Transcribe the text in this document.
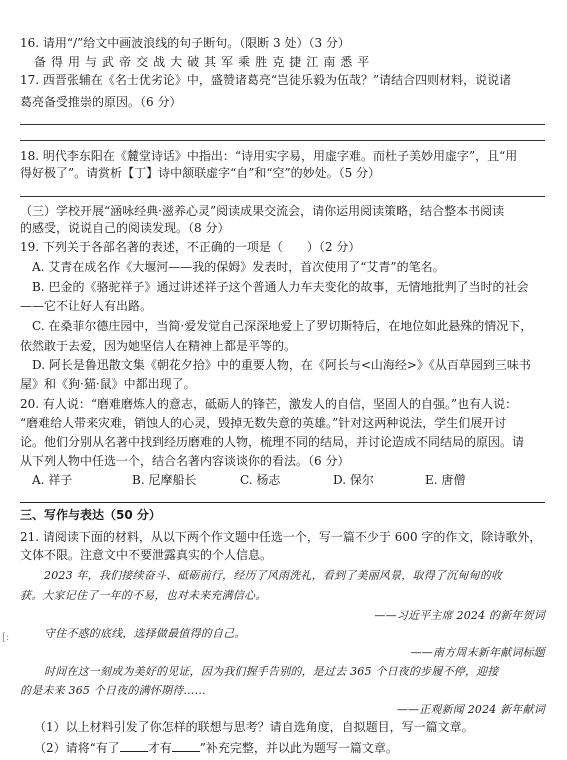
16. 请用“/”给文中画波浪线的句子断句。（限断 3 处）（3 分）
备 得 用 与 武 帝 交 战 大 破 其 军 乘 胜 克 捷 江 南 悉 平
17. 西晋张辅在《名士优劣论》中，盛赞诸葛亮“岂徒乐毅为伍哉？”请结合四则材料，说说诸
葛亮备受推崇的原因。（6 分）
18. 明代李东阳在《麓堂诗话》中指出：“诗用实字易，用虚字难。而杜子美妙用虚字”，且“用
得好极了”。请赏析【丁】诗中颔联虚字“自”和“空”的妙处。（5 分）
（三）学校开展“涵咏经典·滋养心灵”阅读成果交流会，请你运用阅读策略，结合整本书阅读
的感受，说说自己的阅读发现。（8 分）
19. 下列关于各部名著的表述，不正确的一项是（　　）（2 分）
A. 艾青在成名作《大堰河——我的保姆》发表时，首次使用了“艾青”的笔名。
B. 巴金的《骆驼祥子》通过讲述祥子这个普通人力车夫变化的故事，无情地批判了当时的社会
——它不让好人有出路。
C. 在桑菲尔德庄园中，当简·爱发觉自己深深地爱上了罗切斯特后，在地位如此悬殊的情况下，
依然敢于去爱，因为她坚信人在精神上都是平等的。
D. 阿长是鲁迅散文集《朝花夕拾》中的重要人物，在《阿长与<山海经>》《从百草园到三味书
屋》和《狗·猫·鼠》中都出现了。
20. 有人说：“磨难磨炼人的意志，砥砺人的锋芒，激发人的自信，坚固人的自强。”也有人说：
“磨难给人带来灾难，销蚀人的心灵，毁掉无数失意的英雄。”针对这两种说法，学生们展开讨
论。他们分别从名著中找到经历磨难的人物，梳理不同的结局，并讨论造成不同结局的原因。请
从下列人物中任选一个，结合名著内容谈谈你的看法。（6 分）
A. 祥子	B. 尼摩船长	C. 杨志	D. 保尔	E. 唐僧
三、写作与表达（50 分）
21. 请阅读下面的材料，从以下两个作文题中任选一个，写一篇不少于 600 字的作文，除诗歌外，
文体不限。注意文中不要泄露真实的个人信息。
2023 年，我们接续奋斗、砥砺前行，经历了风雨洗礼，看到了美丽风景，取得了沉甸甸的收
获。大家记住了一年的不易，也对未来充满信心。
——习近平主席 2024 的新年贺词
守住不惑的底线，选择做最值得的自己。
——南方周末新年献词标题
时间在这一刻成为美好的见证，因为我们握手告别的，是过去 365 个日夜的步履不停，迎接
的是未来 365 个日夜的满怀期待……
——正观新闻 2024 新年献词
（1）以上材料引发了你怎样的联想与思考？请自选角度，自拟题目，写一篇文章。
（2）请将“有了 才有 ”补充完整，并以此为题写一篇文章。
[:
